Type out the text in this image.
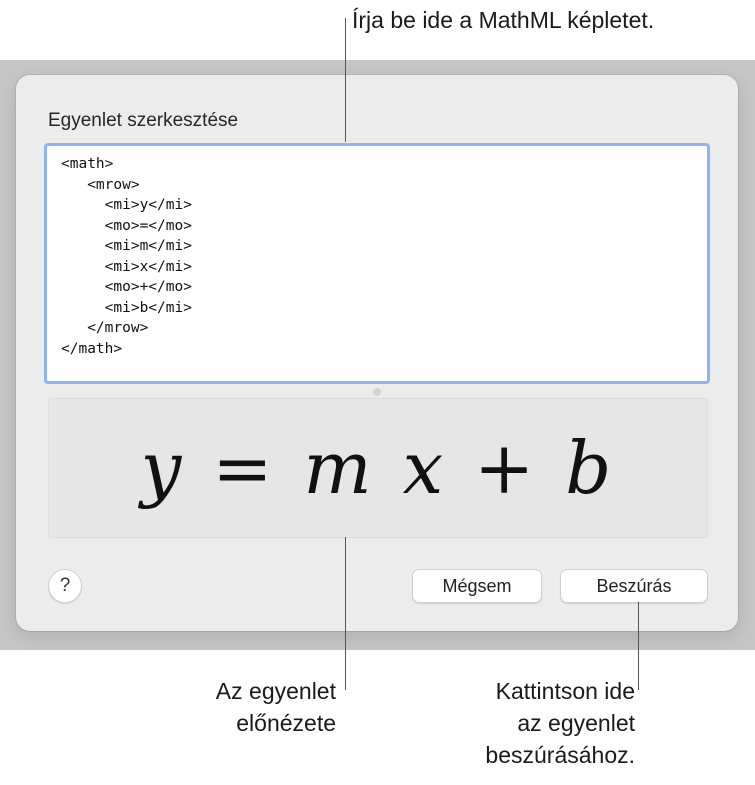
Egyenlet szerkesztése
<math>
<mrow>
<mi>y</mi>
<mo>=</mo>
<mi>m</mi>
<mi>x</mi>
<mo>+</mo>
<mi>b</mi>
</mrow>
</math>
y = m x + b
?	Mégsem	Beszúrás
Írja be ide a MathML képletet.
Az egyenlet
előnézete
Kattintson ide
az egyenlet
beszúrásához.
